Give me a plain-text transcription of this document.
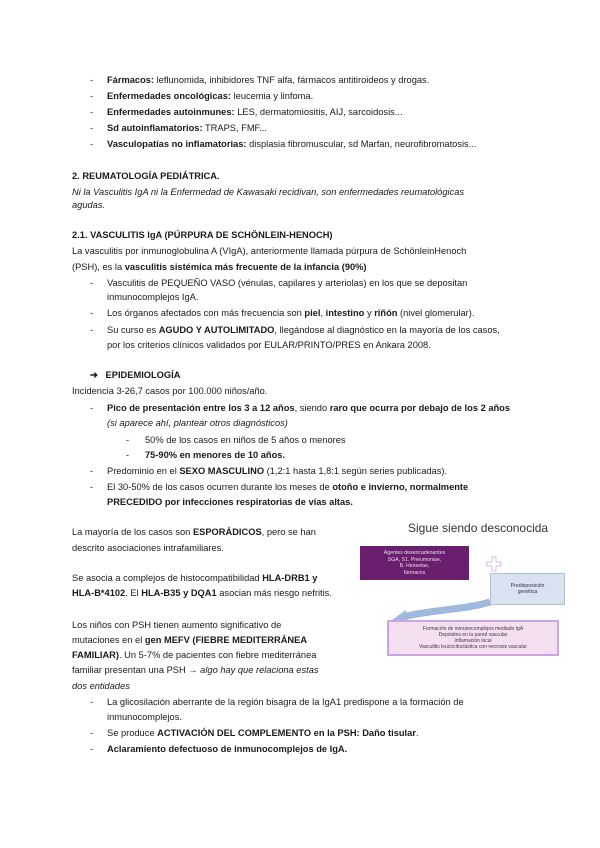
- Fármacos: leflunomida, inhibidores TNF alfa, fármacos antitiroideos y drogas.
- Enfermedades oncológicas: leucemia y linfoma.
- Enfermedades autoinmunes: LES, dermatomiositis, AIJ, sarcoidosis...
- Sd autoinflamatorios: TRAPS, FMF...
- Vasculopatías no inflamatorias: displasia fibromuscular, sd Marfan, neurofibromatosis...
2. REUMATOLOGÍA PEDIÁTRICA.
Ni la Vasculitis IgA ni la Enfermedad de Kawasaki recidivan, son enfermedades reumatológicas
agudas.
2.1. VASCULITIS IgA (PÚRPURA DE SCHÖNLEIN-HENOCH)
La vasculitis por inmunoglobulina A (VIgA), anteriormente llamada púrpura de SchönleinHenoch
(PSH), es la vasculitis sistémica más frecuente de la infancia (90%)
- Vasculitis de PEQUEÑO VASO (vénulas, capilares y arteriolas) en los que se depositan
inmunocomplejos IgA.
- Los órganos afectados con más frecuencia son piel, intestino y riñón (nivel glomerular).
- Su curso es AGUDO Y AUTOLIMITADO, llegándose al diagnóstico en la mayoría de los casos,
por los criterios clínicos validados por EULAR/PRINTO/PRES en Ankara 2008.
➔ EPIDEMIOLOGÍA
Incidencia 3-26,7 casos por 100.000 niños/año.
- Pico de presentación entre los 3 a 12 años, siendo raro que ocurra por debajo de los 2 años
(si aparece ahí, plantear otros diagnósticos)
- 50% de los casos en niños de 5 años o menores
- 75-90% en menores de 10 años.
- Predominio en el SEXO MASCULINO (1,2:1 hasta 1,8:1 según series publicadas).
- El 30-50% de los casos ocurren durante los meses de otoño e invierno, normalmente
PRECEDIDO por infecciones respiratorias de vías altas.
La mayoría de los casos son ESPORÁDICOS, pero se han
descrito asociaciones intrafamiliares.
Se asocia a complejos de histocompatibilidad HLA-DRB1 y
HLA-B*4102. El HLA-B35 y DQA1 asocian más riesgo nefritis.
Los niños con PSH tienen aumento significativo de
mutaciones en el gen MEFV (FIEBRE MEDITERRÁNEA
FAMILIAR). Un 5-7% de pacientes con fiebre mediterránea
familiar presentan una PSH → algo hay que relaciona estas
dos entidades
- La glicosilación aberrante de la región bisagra de la IgA1 predispone a la formación de
inmunocomplejos.
- Se produce ACTIVACIÓN DEL COMPLEMENTO en la PSH: Daño tisular.
- Aclaramiento defectuoso de inmunocomplejos de IgA.
Sigue siendo desconocida
Agentes desencadenantes
SGA, S1. Pneumoniae,
B. Henselae,
fármacos
Predisposición
genética
Formación de inmunocomplejos mediado IgA
Depósitos en la pared vascular
Inflamación local
Vasculitis leucocitoclástica con necrosis vascular
